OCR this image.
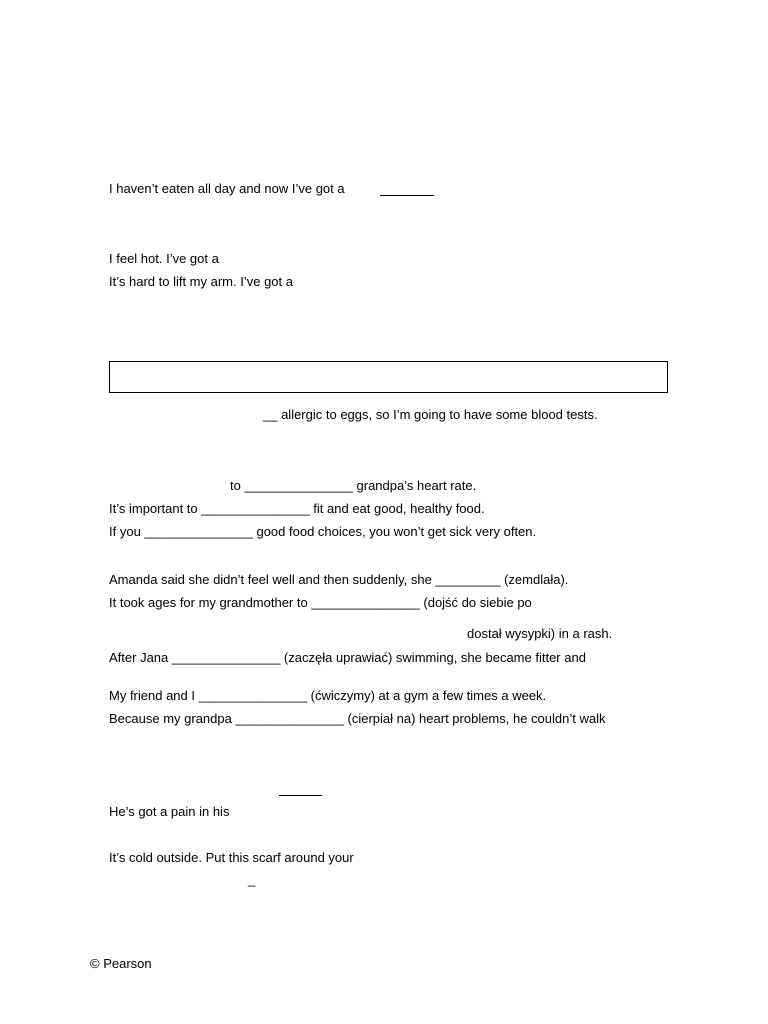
I haven’t eaten all day and now I’ve got a
I feel hot. I’ve got a
It’s hard to lift my arm. I’ve got a
__ allergic to eggs, so I’m going to have some blood tests.
to _______________ grandpa’s heart rate.
It’s important to _______________ fit and eat good, healthy food.
If you _______________ good food choices, you won’t get sick very often.
Amanda said she didn’t feel well and then suddenly, she _________ (zemdlała).
It took ages for my grandmother to _______________ (dojść do siebie po
dostał wysypki) in a rash.
After Jana _______________ (zaczęła uprawiać) swimming, she became fitter and
My friend and I _______________ (ćwiczymy) at a gym a few times a week.
Because my grandpa _______________ (cierpiał na) heart problems, he couldn’t walk
He’s got a pain in his
It’s cold outside. Put this scarf around your
_
© Pearson
